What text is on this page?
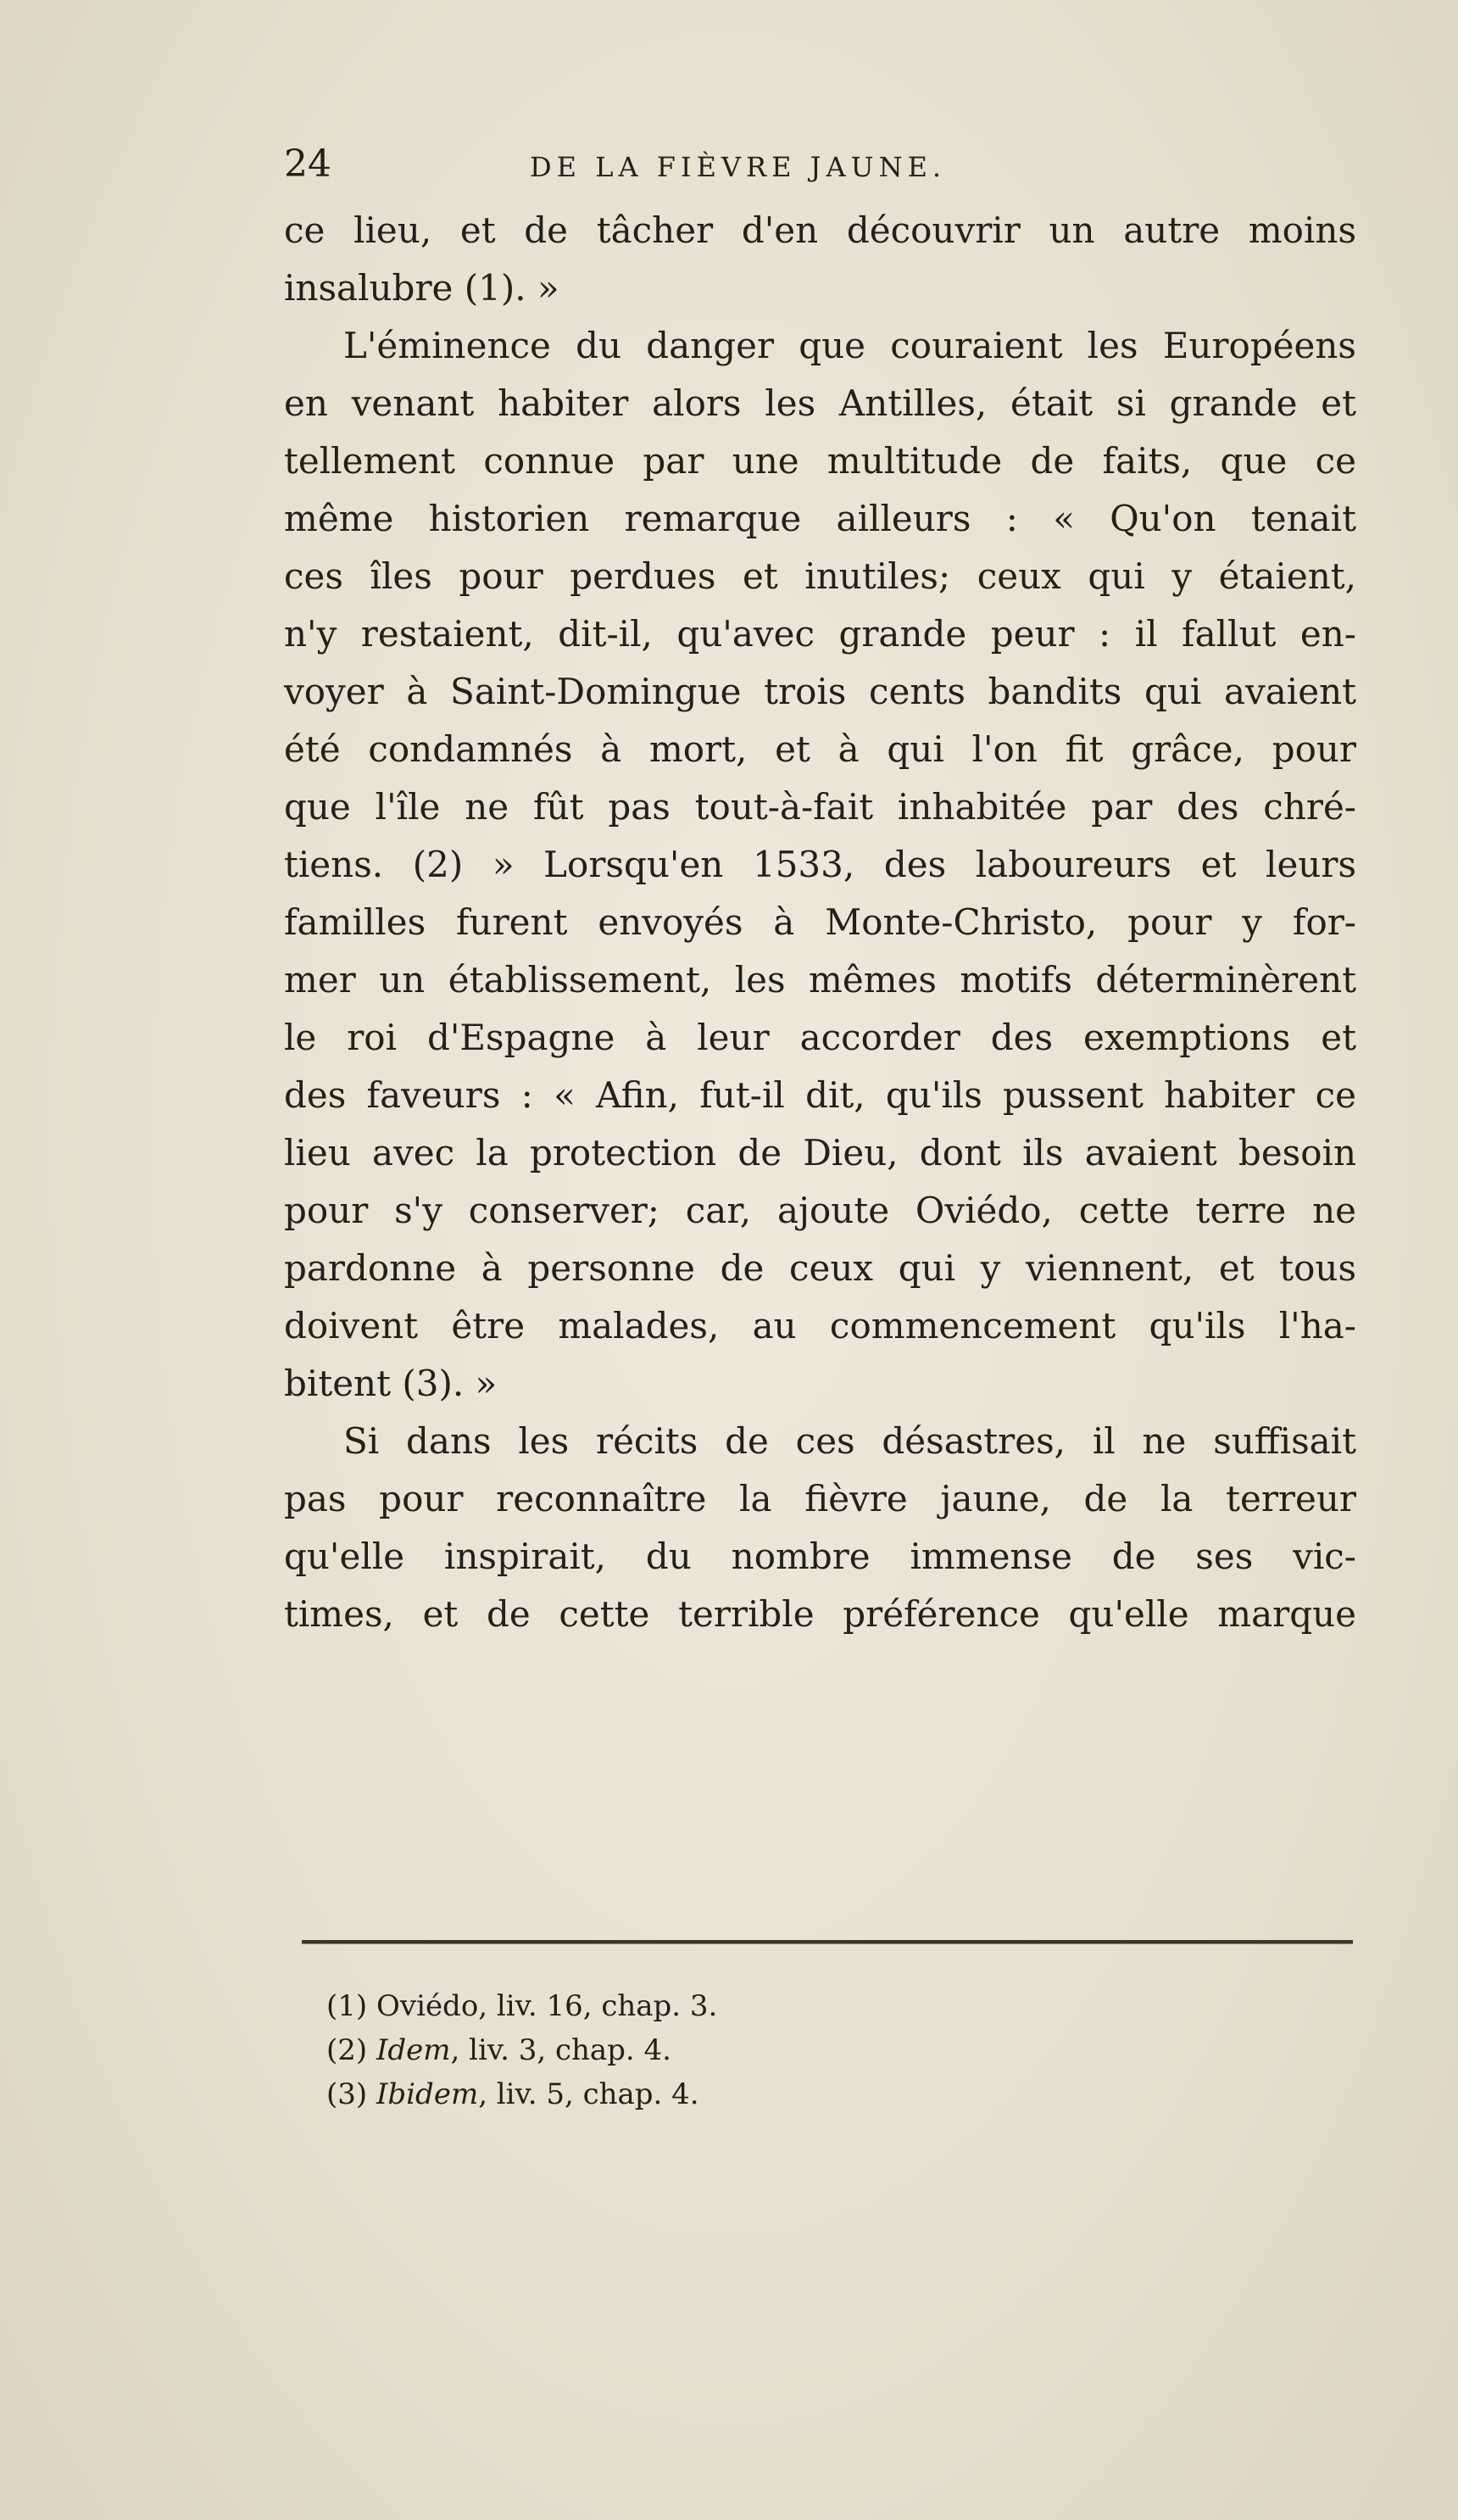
24	DE LA FIÈVRE JAUNE.
ce lieu, et de tâcher d'en découvrir un autre moins
insalubre (1). »
L'éminence du danger que couraient les Européens
en venant habiter alors les Antilles, était si grande et
tellement connue par une multitude de faits, que ce
même historien remarque ailleurs : « Qu'on tenait
ces îles pour perdues et inutiles; ceux qui y étaient,
n'y restaient, dit-il, qu'avec grande peur : il fallut en-
voyer à Saint-Domingue trois cents bandits qui avaient
été condamnés à mort, et à qui l'on fit grâce, pour
que l'île ne fût pas tout-à-fait inhabitée par des chré-
tiens. (2) » Lorsqu'en 1533, des laboureurs et leurs
familles furent envoyés à Monte-Christo, pour y for-
mer un établissement, les mêmes motifs déterminèrent
le roi d'Espagne à leur accorder des exemptions et
des faveurs : « Afin, fut-il dit, qu'ils pussent habiter ce
lieu avec la protection de Dieu, dont ils avaient besoin
pour s'y conserver; car, ajoute Oviédo, cette terre ne
pardonne à personne de ceux qui y viennent, et tous
doivent être malades, au commencement qu'ils l'ha-
bitent (3). »
Si dans les récits de ces désastres, il ne suffisait
pas pour reconnaître la fièvre jaune, de la terreur
qu'elle inspirait, du nombre immense de ses vic-
times, et de cette terrible préférence qu'elle marque
(1) Oviédo, liv. 16, chap. 3.
(2) Idem, liv. 3, chap. 4.
(3) Ibidem, liv. 5, chap. 4.
